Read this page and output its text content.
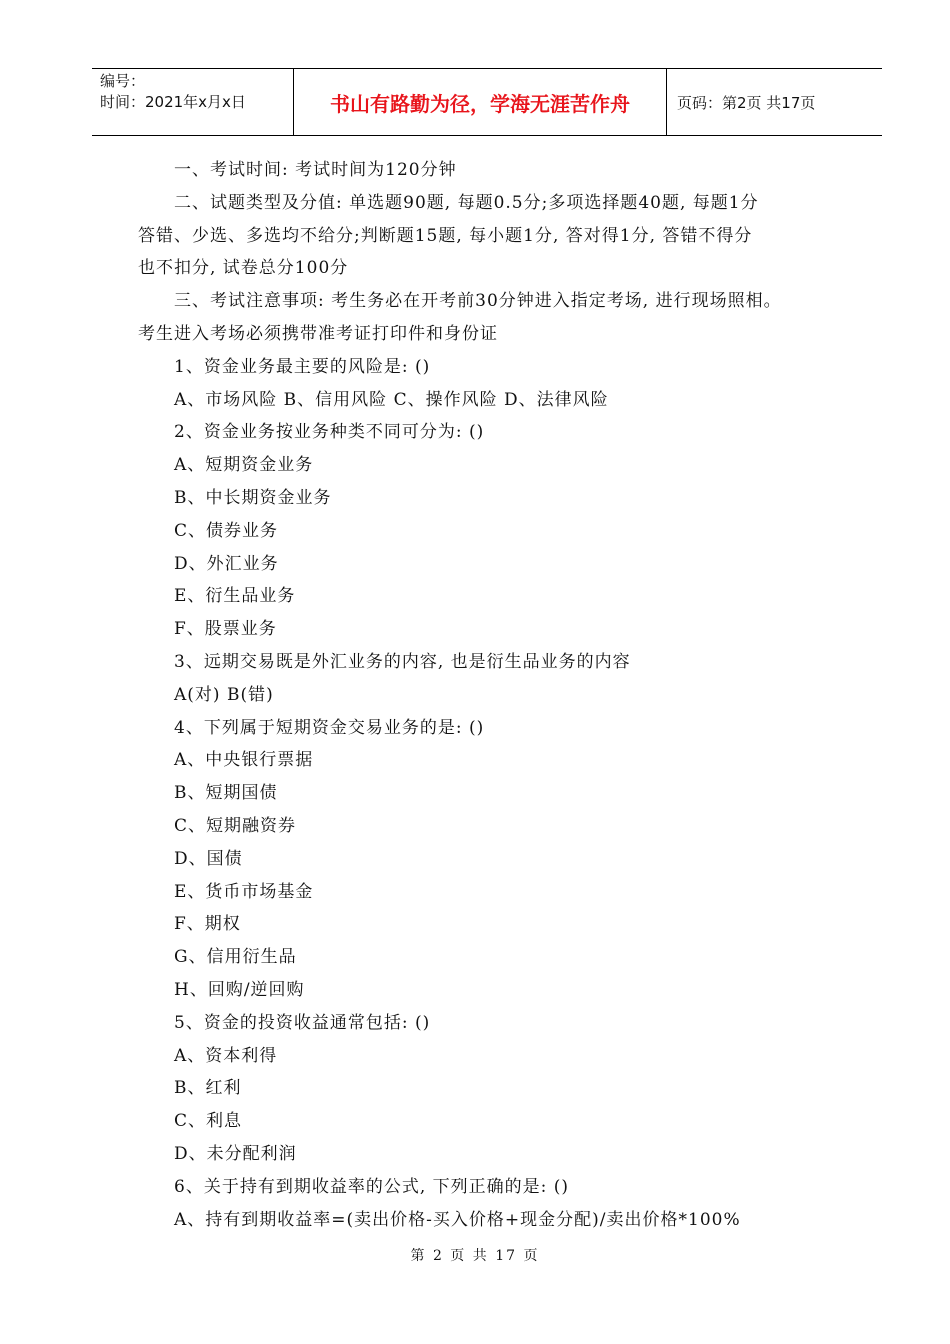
编号：
时间：2021年x月x日	书山有路勤为径，学海无涯苦作舟	页码：第2页 共17页
一、考试时间: 考试时间为120分钟
二、试题类型及分值: 单选题90题, 每题0.5分;多项选择题40题, 每题1分
答错、少选、多选均不给分;判断题15题, 每小题1分, 答对得1分, 答错不得分
也不扣分, 试卷总分100分
三、考试注意事项: 考生务必在开考前30分钟进入指定考场, 进行现场照相。
考生进入考场必须携带准考证打印件和身份证
1、资金业务最主要的风险是: ()
A、市场风险 B、信用风险 C、操作风险 D、法律风险
2、资金业务按业务种类不同可分为: ()
A、短期资金业务
B、中长期资金业务
C、债券业务
D、外汇业务
E、衍生品业务
F、股票业务
3、远期交易既是外汇业务的内容, 也是衍生品业务的内容
A(对) B(错)
4、下列属于短期资金交易业务的是: ()
A、中央银行票据
B、短期国债
C、短期融资券
D、国债
E、货币市场基金
F、期权
G、信用衍生品
H、回购/逆回购
5、资金的投资收益通常包括: ()
A、资本利得
B、红利
C、利息
D、未分配利润
6、关于持有到期收益率的公式, 下列正确的是: ()
A、持有到期收益率=(卖出价格-买入价格+现金分配)/卖出价格*100%
第 2 页 共 17 页
